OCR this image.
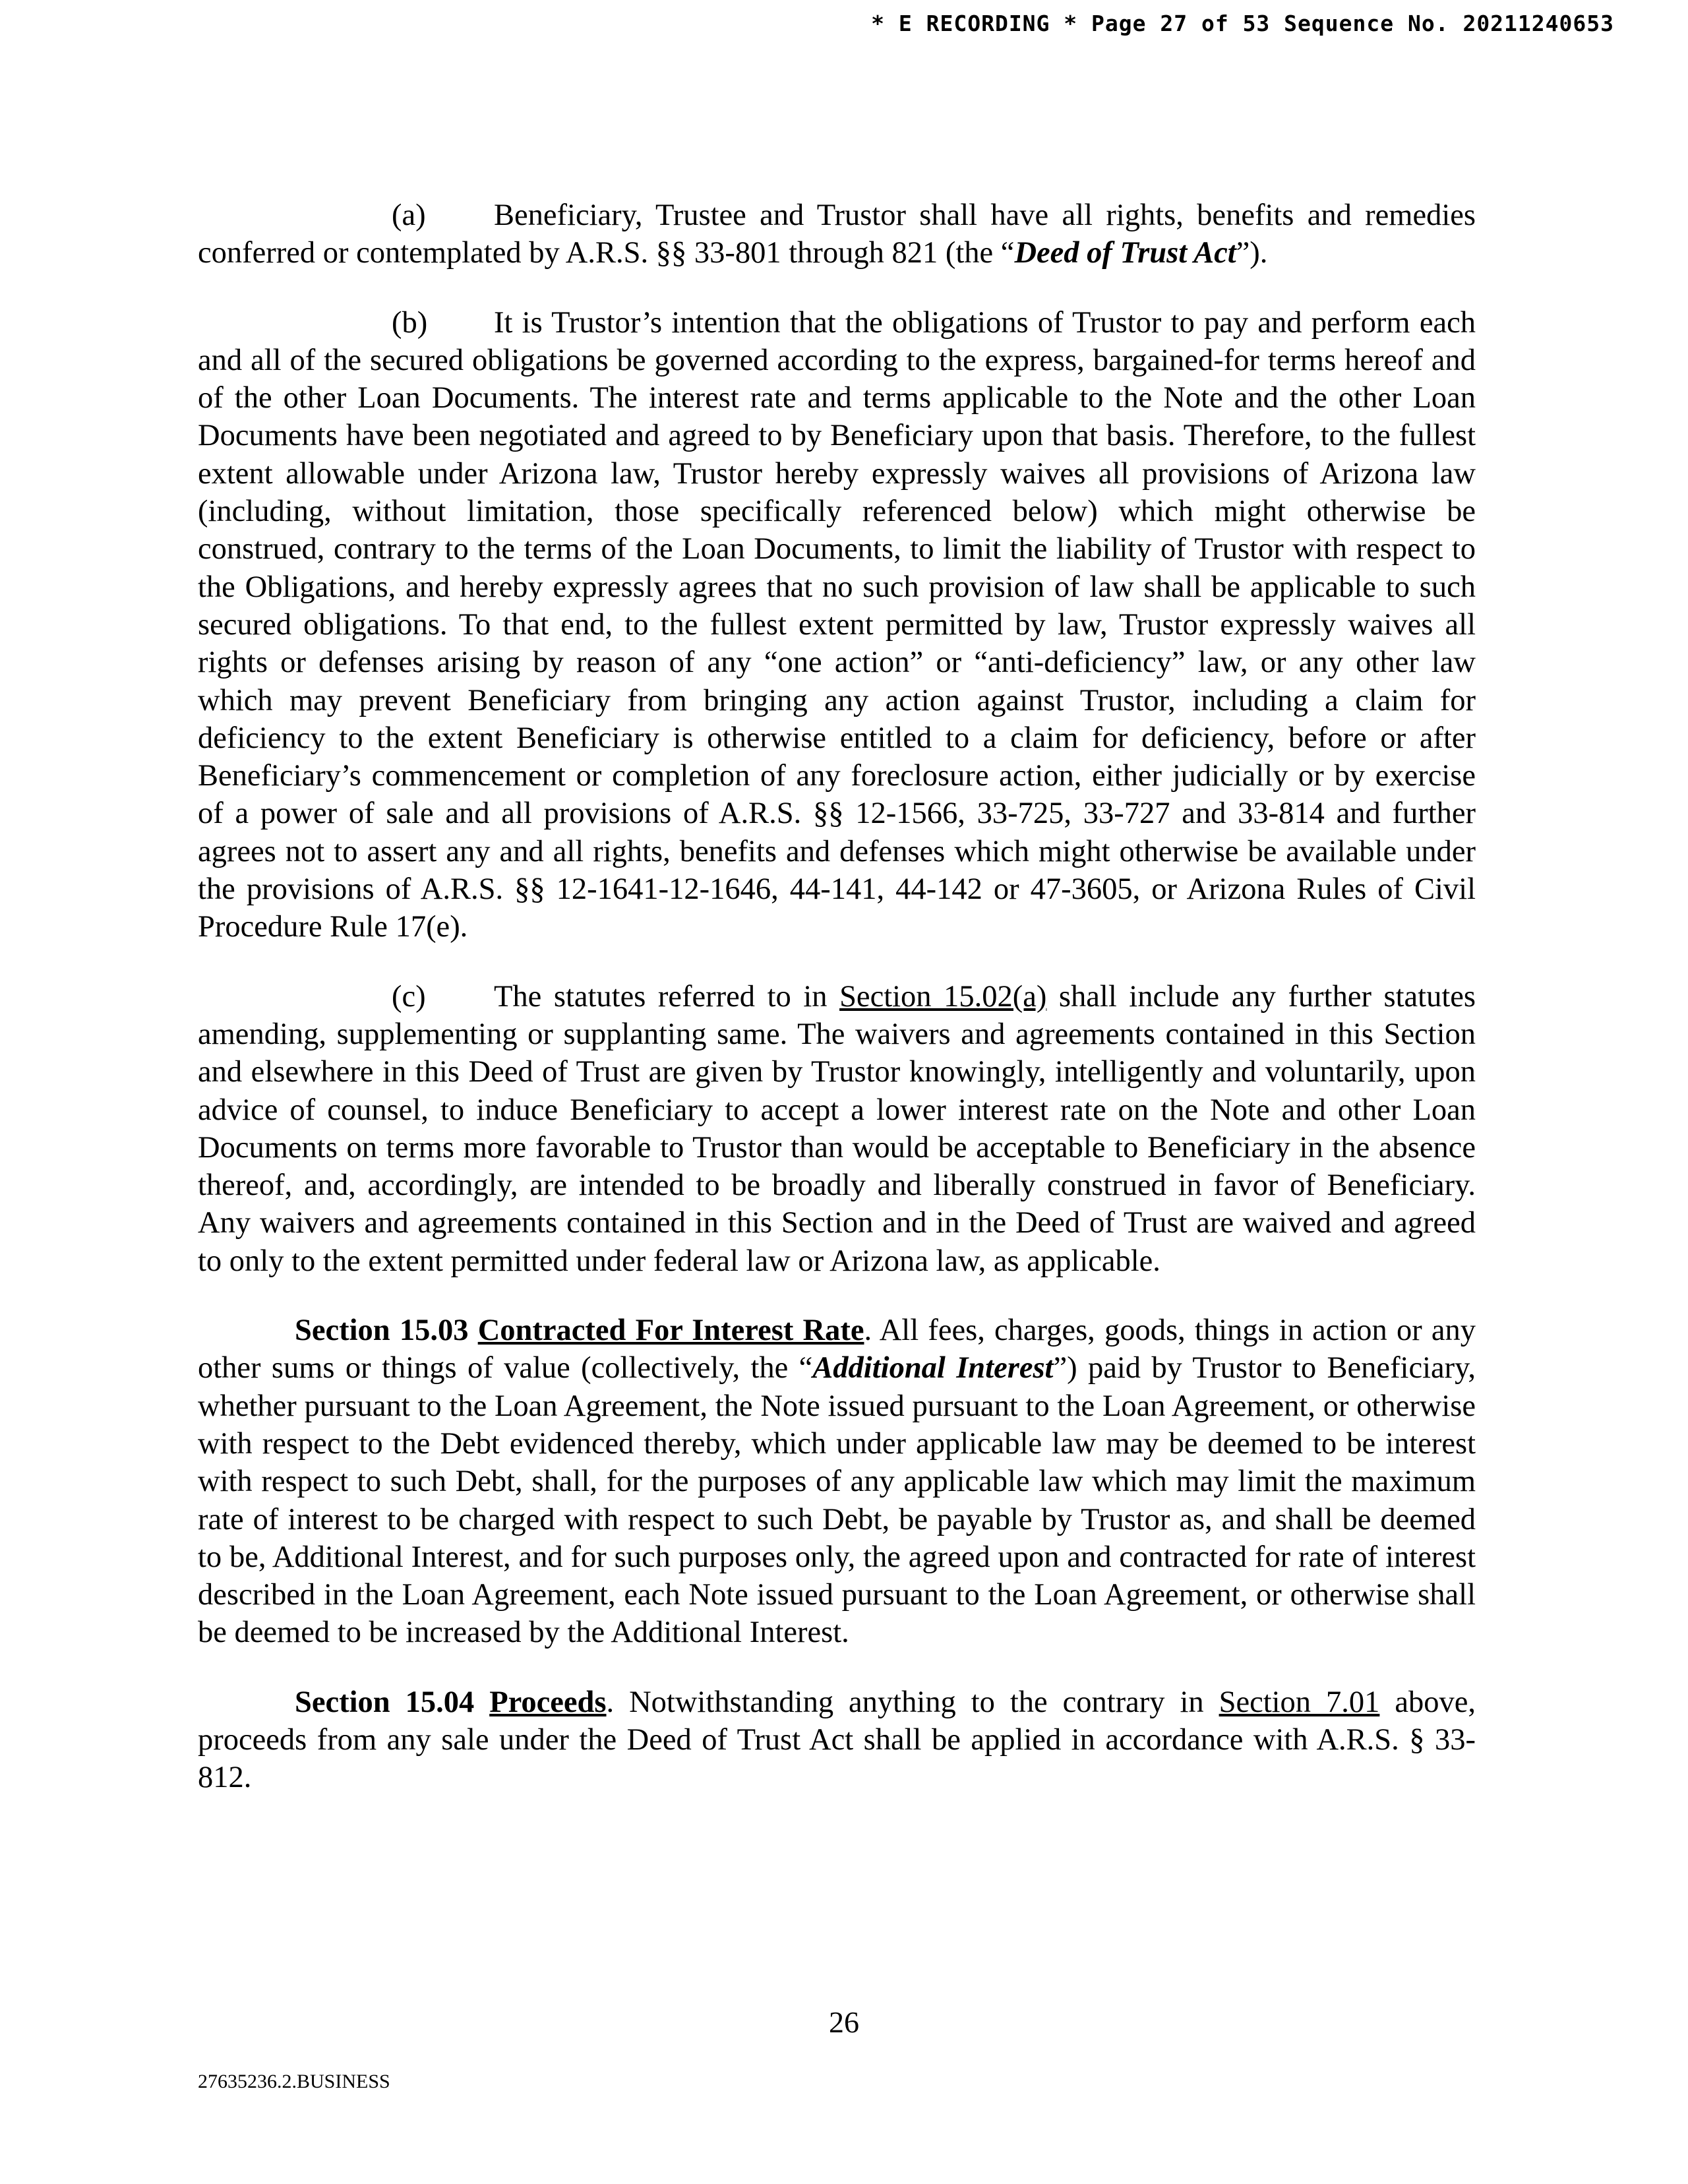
* E RECORDING * Page 27 of 53 Sequence No. 20211240653

(a) Beneficiary, Trustee and Trustor shall have all rights, benefits and remedies conferred or contemplated by A.R.S. §§ 33-801 through 821 (the “Deed of Trust Act”).

(b) It is Trustor’s intention that the obligations of Trustor to pay and perform each and all of the secured obligations be governed according to the express, bargained-for terms hereof and of the other Loan Documents. The interest rate and terms applicable to the Note and the other Loan Documents have been negotiated and agreed to by Beneficiary upon that basis. Therefore, to the fullest extent allowable under Arizona law, Trustor hereby expressly waives all provisions of Arizona law (including, without limitation, those specifically referenced below) which might otherwise be construed, contrary to the terms of the Loan Documents, to limit the liability of Trustor with respect to the Obligations, and hereby expressly agrees that no such provision of law shall be applicable to such secured obligations. To that end, to the fullest extent permitted by law, Trustor expressly waives all rights or defenses arising by reason of any “one action” or “anti-deficiency” law, or any other law which may prevent Beneficiary from bringing any action against Trustor, including a claim for deficiency to the extent Beneficiary is otherwise entitled to a claim for deficiency, before or after Beneficiary’s commencement or completion of any foreclosure action, either judicially or by exercise of a power of sale and all provisions of A.R.S. §§ 12-1566, 33-725, 33-727 and 33-814 and further agrees not to assert any and all rights, benefits and defenses which might otherwise be available under the provisions of A.R.S. §§ 12-1641-12-1646, 44-141, 44-142 or 47-3605, or Arizona Rules of Civil Procedure Rule 17(e).

(c) The statutes referred to in Section 15.02(a) shall include any further statutes amending, supplementing or supplanting same. The waivers and agreements contained in this Section and elsewhere in this Deed of Trust are given by Trustor knowingly, intelligently and voluntarily, upon advice of counsel, to induce Beneficiary to accept a lower interest rate on the Note and other Loan Documents on terms more favorable to Trustor than would be acceptable to Beneficiary in the absence thereof, and, accordingly, are intended to be broadly and liberally construed in favor of Beneficiary. Any waivers and agreements contained in this Section and in the Deed of Trust are waived and agreed to only to the extent permitted under federal law or Arizona law, as applicable.

Section 15.03 Contracted For Interest Rate. All fees, charges, goods, things in action or any other sums or things of value (collectively, the “Additional Interest”) paid by Trustor to Beneficiary, whether pursuant to the Loan Agreement, the Note issued pursuant to the Loan Agreement, or otherwise with respect to the Debt evidenced thereby, which under applicable law may be deemed to be interest with respect to such Debt, shall, for the purposes of any applicable law which may limit the maximum rate of interest to be charged with respect to such Debt, be payable by Trustor as, and shall be deemed to be, Additional Interest, and for such purposes only, the agreed upon and contracted for rate of interest described in the Loan Agreement, each Note issued pursuant to the Loan Agreement, or otherwise shall be deemed to be increased by the Additional Interest.

Section 15.04 Proceeds. Notwithstanding anything to the contrary in Section 7.01 above, proceeds from any sale under the Deed of Trust Act shall be applied in accordance with A.R.S. § 33-812.

26
27635236.2.BUSINESS
